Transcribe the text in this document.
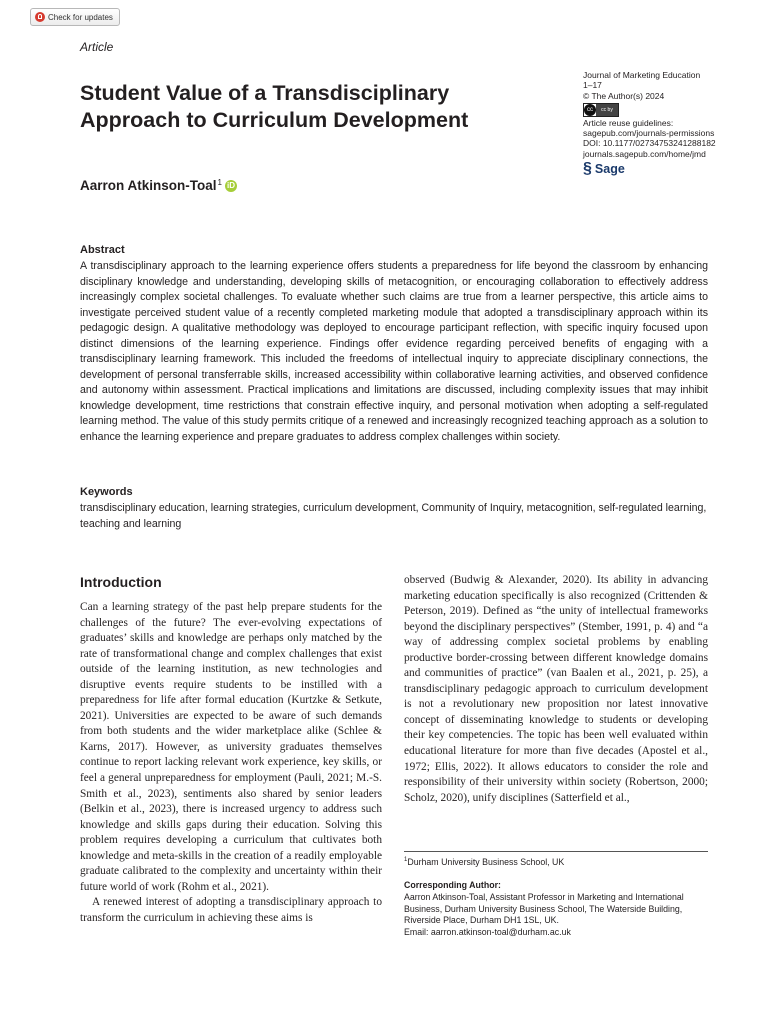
Check for updates
Article
Student Value of a Transdisciplinary Approach to Curriculum Development
Aarron Atkinson-Toal$^1$ iD
Journal of Marketing Education
1–17
© The Author(s) 2024
cc	cc by
Article reuse guidelines:
sagepub.com/journals-permissions
DOI: 10.1177/02734753241288182
journals.sagepub.com/home/jmd
§ Sage
Abstract

A transdisciplinary approach to the learning experience offers students a preparedness for life beyond the classroom by enhancing disciplinary knowledge and understanding, developing skills of metacognition, or encouraging collaboration to effectively address increasingly complex societal challenges. To evaluate whether such claims are true from a learner perspective, this article aims to investigate perceived student value of a recently completed marketing module that adopted a transdisciplinary approach within its pedagogic design. A qualitative methodology was deployed to encourage participant reflection, with specific inquiry focused upon distinct dimensions of the learning experience. Findings offer evidence regarding perceived benefits of engaging with a transdisciplinary learning framework. This included the freedoms of intellectual inquiry to appreciate disciplinary connections, the development of personal transferrable skills, increased accessibility within collaborative learning activities, and observed confidence and autonomy within assessment. Practical implications and limitations are discussed, including complexity issues that may inhibit knowledge development, time restrictions that constrain effective inquiry, and personal motivation when adopting a self-regulated learning method. The value of this study permits critique of a renewed and increasingly recognized teaching approach as a solution to enhance the learning experience and prepare graduates to address complex challenges within society.

Keywords

transdisciplinary education, learning strategies, curriculum development, Community of Inquiry, metacognition, self-regulated learning, teaching and learning

Introduction

Can a learning strategy of the past help prepare students for the challenges of the future? The ever-evolving expectations of graduates’ skills and knowledge are perhaps only matched by the rate of transformational change and complex challenges that exist outside of the learning institution, as new technologies and disruptive events require students to be instilled with a preparedness for life after formal education (Kurtzke & Setkute, 2021). Universities are expected to be aware of such demands from both students and the wider marketplace alike (Schlee & Karns, 2017). However, as university graduates themselves continue to report lacking relevant work experience, key skills, or feel a general unpreparedness for employment (Pauli, 2021; M.-S. Smith et al., 2023), sentiments also shared by senior leaders (Belkin et al., 2023), there is increased urgency to address such knowledge and skills gaps during their education. Solving this problem requires developing a curriculum that cultivates both knowledge and meta-skills in the creation of a readily employable graduate calibrated to the complexity and uncertainty within their future world of work (Rohm et al., 2021).

A renewed interest of adopting a transdisciplinary approach to transform the curriculum in achieving these aims is

observed (Budwig & Alexander, 2020). Its ability in advancing marketing education specifically is also recognized (Crittenden & Peterson, 2019). Defined as “the unity of intellectual frameworks beyond the disciplinary perspectives” (Stember, 1991, p. 4) and “a way of addressing complex societal problems by enabling productive border-crossing between different knowledge domains and communities of practice” (van Baalen et al., 2021, p. 25), a transdisciplinary pedagogic approach to curriculum development is not a revolutionary new proposition nor latest innovative concept of disseminating knowledge to students or developing their key competencies. The topic has been well evaluated within educational literature for more than five decades (Apostel et al., 1972; Ellis, 2022). It allows educators to consider the role and responsibility of their university within society (Robertson, 2000; Scholz, 2020), unify disciplines (Satterfield et al.,

$^1$Durham University Business School, UK
Corresponding Author:
Aarron Atkinson-Toal, Assistant Professor in Marketing and International
Business, Durham University Business School, The Waterside Building,
Riverside Place, Durham DH1 1SL, UK.
Email: aarron.atkinson-toal@durham.ac.uk
